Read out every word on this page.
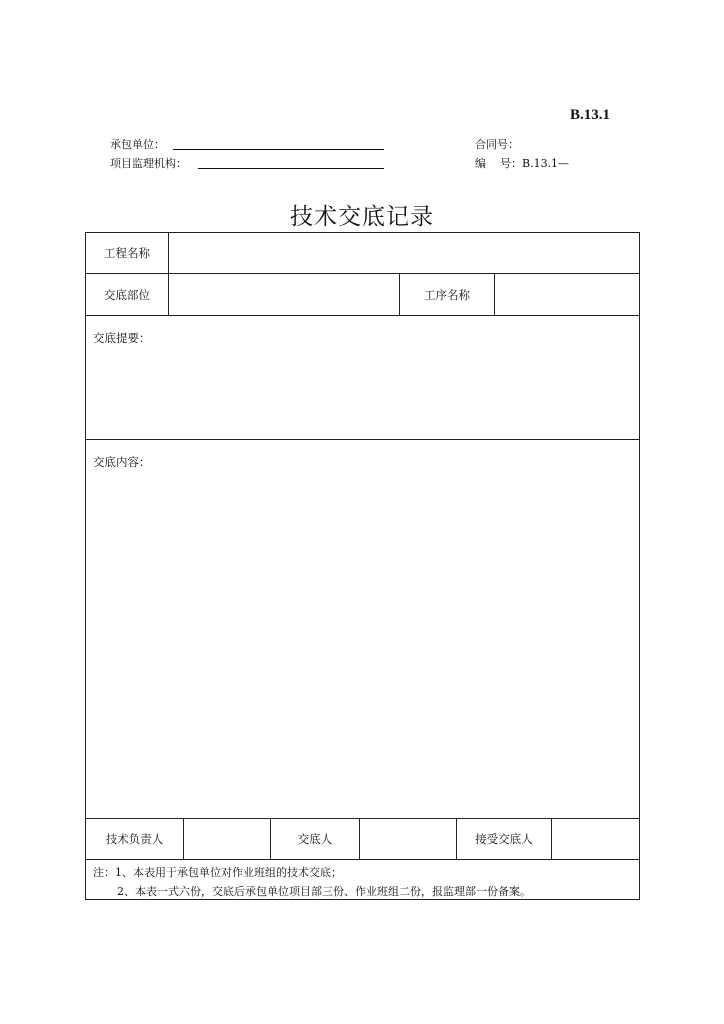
B.13.1
承包单位：
项目监理机构：
合同号：
编    号：B.13.1—
技术交底记录
工程名称
交底部位	工序名称
交底提要：
交底内容：
技术负责人	交底人	接受交底人
注：1、本表用于承包单位对作业班组的技术交底；
2、本表一式六份，交底后承包单位项目部三份、作业班组二份，报监理部一份备案。
